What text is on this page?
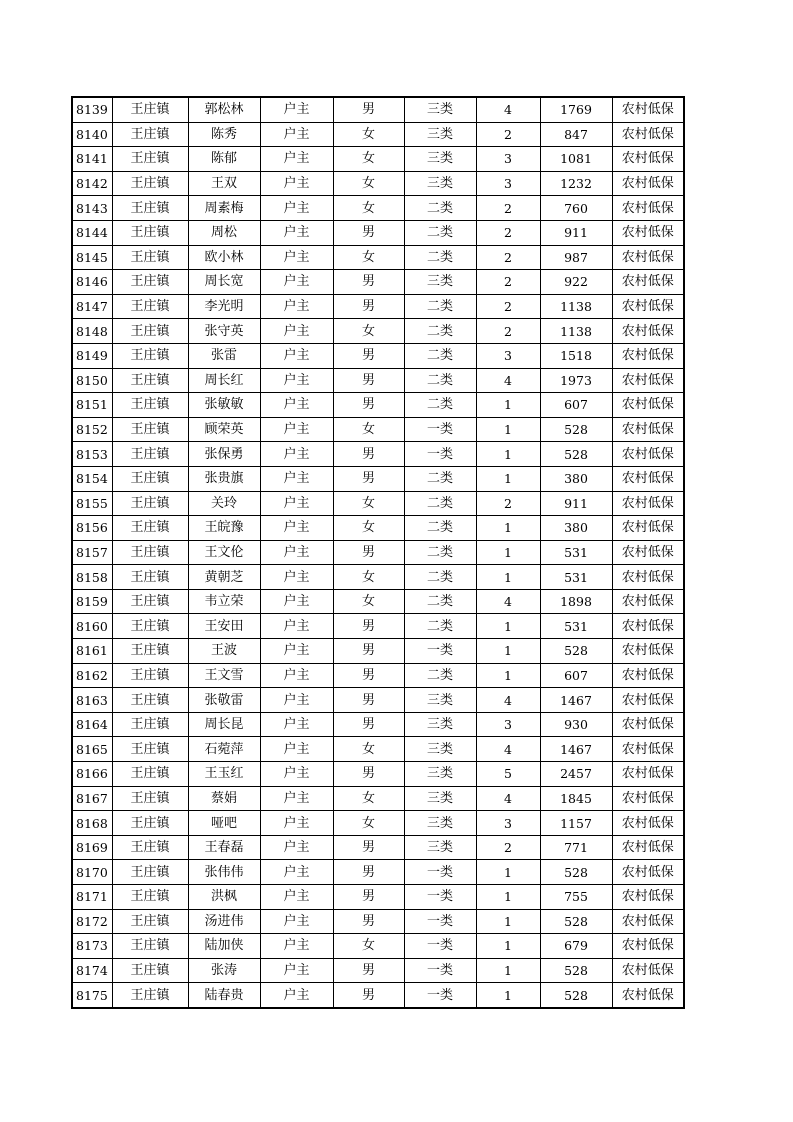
8139	王庄镇	郭松林	户主	男	三类	4	1769	农村低保
8140	王庄镇	陈秀	户主	女	三类	2	847	农村低保
8141	王庄镇	陈郁	户主	女	三类	3	1081	农村低保
8142	王庄镇	王双	户主	女	三类	3	1232	农村低保
8143	王庄镇	周素梅	户主	女	二类	2	760	农村低保
8144	王庄镇	周松	户主	男	二类	2	911	农村低保
8145	王庄镇	欧小林	户主	女	二类	2	987	农村低保
8146	王庄镇	周长宽	户主	男	三类	2	922	农村低保
8147	王庄镇	李光明	户主	男	二类	2	1138	农村低保
8148	王庄镇	张守英	户主	女	二类	2	1138	农村低保
8149	王庄镇	张雷	户主	男	二类	3	1518	农村低保
8150	王庄镇	周长红	户主	男	二类	4	1973	农村低保
8151	王庄镇	张敏敏	户主	男	二类	1	607	农村低保
8152	王庄镇	顾荣英	户主	女	一类	1	528	农村低保
8153	王庄镇	张保勇	户主	男	一类	1	528	农村低保
8154	王庄镇	张贵旗	户主	男	二类	1	380	农村低保
8155	王庄镇	关玲	户主	女	二类	2	911	农村低保
8156	王庄镇	王皖豫	户主	女	二类	1	380	农村低保
8157	王庄镇	王文伦	户主	男	二类	1	531	农村低保
8158	王庄镇	黄朝芝	户主	女	二类	1	531	农村低保
8159	王庄镇	韦立荣	户主	女	二类	4	1898	农村低保
8160	王庄镇	王安田	户主	男	二类	1	531	农村低保
8161	王庄镇	王波	户主	男	一类	1	528	农村低保
8162	王庄镇	王文雪	户主	男	二类	1	607	农村低保
8163	王庄镇	张敬雷	户主	男	三类	4	1467	农村低保
8164	王庄镇	周长昆	户主	男	三类	3	930	农村低保
8165	王庄镇	石菀萍	户主	女	三类	4	1467	农村低保
8166	王庄镇	王玉红	户主	男	三类	5	2457	农村低保
8167	王庄镇	蔡娟	户主	女	三类	4	1845	农村低保
8168	王庄镇	哑吧	户主	女	三类	3	1157	农村低保
8169	王庄镇	王春磊	户主	男	三类	2	771	农村低保
8170	王庄镇	张伟伟	户主	男	一类	1	528	农村低保
8171	王庄镇	洪枫	户主	男	一类	1	755	农村低保
8172	王庄镇	汤进伟	户主	男	一类	1	528	农村低保
8173	王庄镇	陆加侠	户主	女	一类	1	679	农村低保
8174	王庄镇	张涛	户主	男	一类	1	528	农村低保
8175	王庄镇	陆春贵	户主	男	一类	1	528	农村低保
